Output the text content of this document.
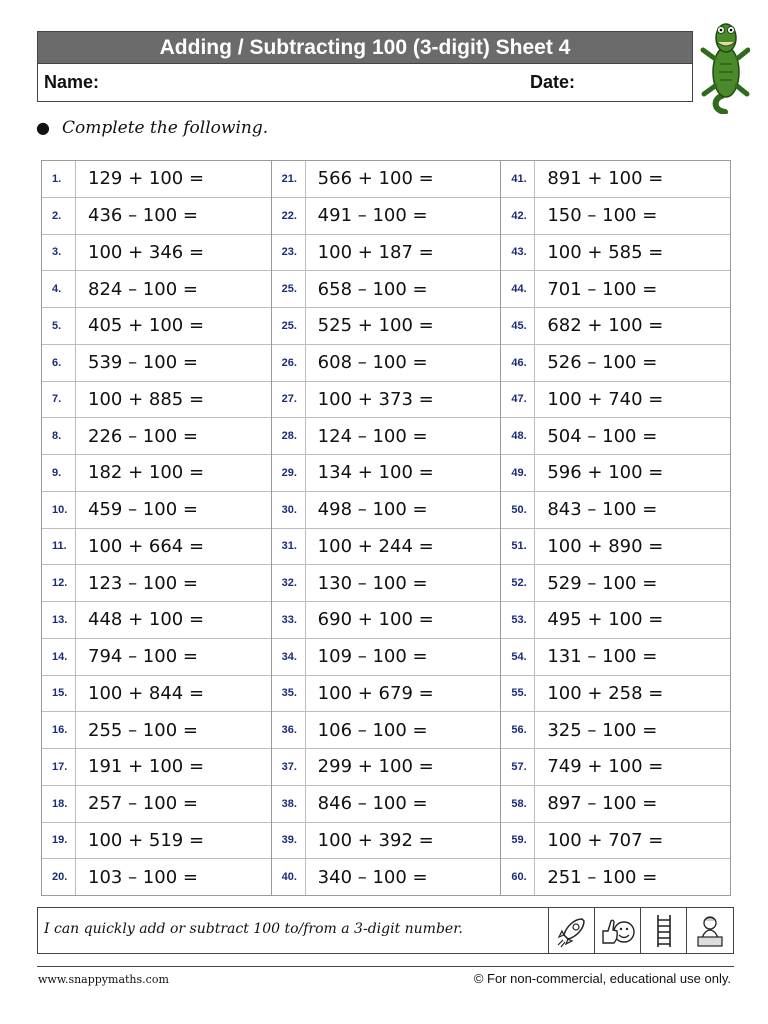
Adding / Subtracting 100 (3-digit) Sheet 4
Name:	Date:
● Complete the following.
1.	129 + 100 =
2.	436 – 100 =
3.	100 + 346 =
4.	824 – 100 =
5.	405 + 100 =
6.	539 – 100 =
7.	100 + 885 =
8.	226 – 100 =
9.	182 + 100 =
10.	459 – 100 =
11.	100 + 664 =
12.	123 – 100 =
13.	448 + 100 =
14.	794 – 100 =
15.	100 + 844 =
16.	255 – 100 =
17.	191 + 100 =
18.	257 – 100 =
19.	100 + 519 =
20.	103 – 100 =
21.	566 + 100 =
22.	491 – 100 =
23.	100 + 187 =
25.	658 – 100 =
25.	525 + 100 =
26.	608 – 100 =
27.	100 + 373 =
28.	124 – 100 =
29.	134 + 100 =
30.	498 – 100 =
31.	100 + 244 =
32.	130 – 100 =
33.	690 + 100 =
34.	109 – 100 =
35.	100 + 679 =
36.	106 – 100 =
37.	299 + 100 =
38.	846 – 100 =
39.	100 + 392 =
40.	340 – 100 =
41.	891 + 100 =
42.	150 – 100 =
43.	100 + 585 =
44.	701 – 100 =
45.	682 + 100 =
46.	526 – 100 =
47.	100 + 740 =
48.	504 – 100 =
49.	596 + 100 =
50.	843 – 100 =
51.	100 + 890 =
52.	529 – 100 =
53.	495 + 100 =
54.	131 – 100 =
55.	100 + 258 =
56.	325 – 100 =
57.	749 + 100 =
58.	897 – 100 =
59.	100 + 707 =
60.	251 – 100 =
I can quickly add or subtract 100 to/from a 3-digit number.
www.snappymaths.com	© For non-commercial, educational use only.
